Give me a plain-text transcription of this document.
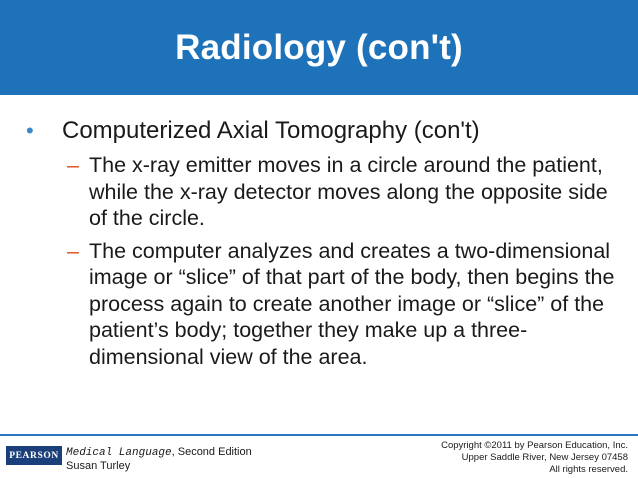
Radiology (con't)
•	Computerized Axial Tomography (con't)
– The x-ray emitter moves in a circle around the patient, while the x-ray detector moves along the opposite side of the circle.
– The computer analyzes and creates a two-dimensional image or “slice” of that part of the body, then begins the process again to create another image or “slice” of the patient’s body; together they make up a three-dimensional view of the area.
PEARSON Medical Language, Second Edition
Susan Turley
Copyright ©2011 by Pearson Education, Inc.
Upper Saddle River, New Jersey 07458
All rights reserved.
